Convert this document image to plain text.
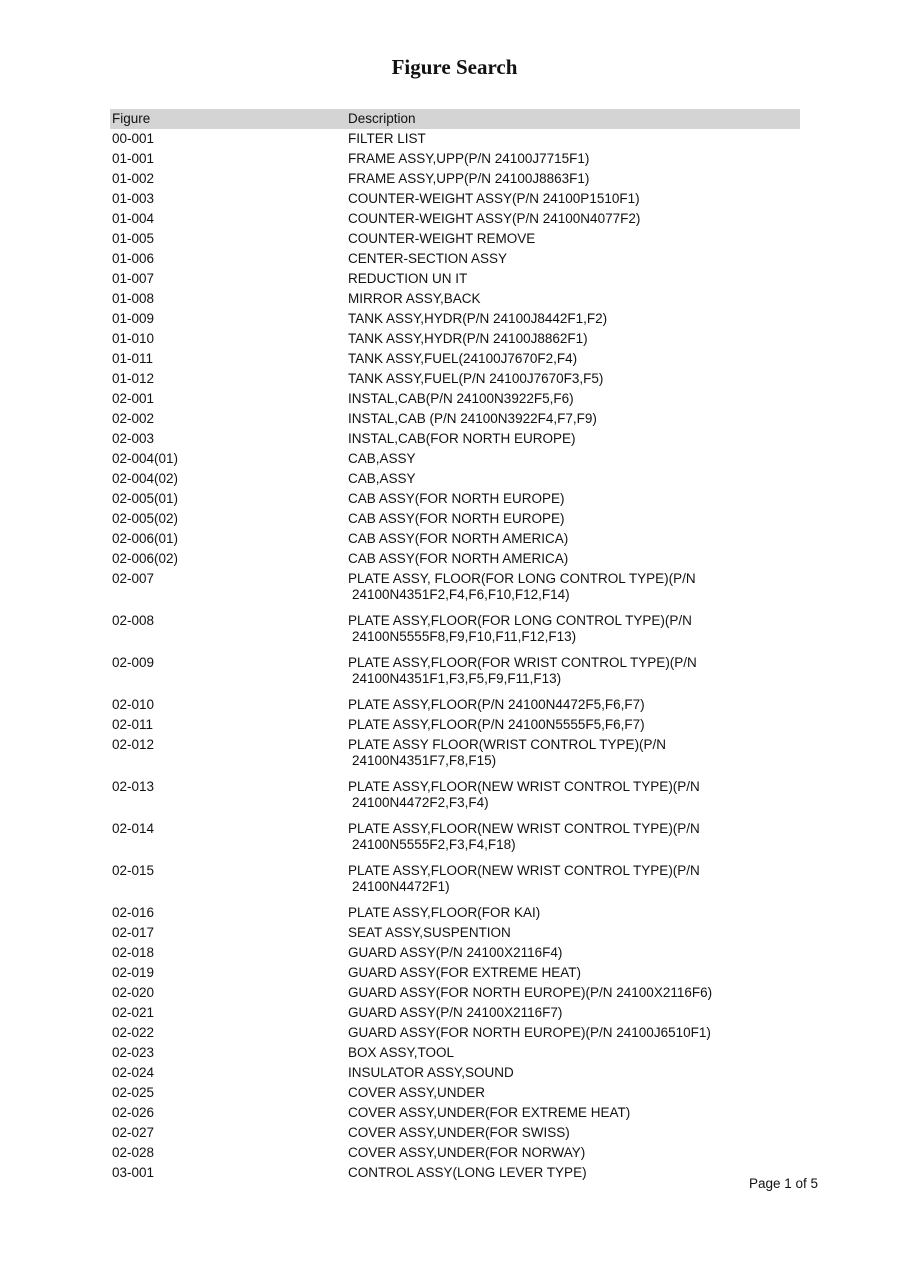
Figure Search
Figure	Description
00-001	FILTER LIST
01-001	FRAME ASSY,UPP(P/N 24100J7715F1)
01-002	FRAME ASSY,UPP(P/N 24100J8863F1)
01-003	COUNTER-WEIGHT ASSY(P/N 24100P1510F1)
01-004	COUNTER-WEIGHT ASSY(P/N 24100N4077F2)
01-005	COUNTER-WEIGHT REMOVE
01-006	CENTER-SECTION ASSY
01-007	REDUCTION UN IT
01-008	MIRROR ASSY,BACK
01-009	TANK ASSY,HYDR(P/N 24100J8442F1,F2)
01-010	TANK ASSY,HYDR(P/N 24100J8862F1)
01-011	TANK ASSY,FUEL(24100J7670F2,F4)
01-012	TANK ASSY,FUEL(P/N 24100J7670F3,F5)
02-001	INSTAL,CAB(P/N 24100N3922F5,F6)
02-002	INSTAL,CAB (P/N 24100N3922F4,F7,F9)
02-003	INSTAL,CAB(FOR NORTH EUROPE)
02-004(01)	CAB,ASSY
02-004(02)	CAB,ASSY
02-005(01)	CAB ASSY(FOR NORTH EUROPE)
02-005(02)	CAB ASSY(FOR NORTH EUROPE)
02-006(01)	CAB ASSY(FOR NORTH AMERICA)
02-006(02)	CAB ASSY(FOR NORTH AMERICA)
02-007	PLATE ASSY, FLOOR(FOR LONG CONTROL TYPE)(P/N
24100N4351F2,F4,F6,F10,F12,F14)
02-008	PLATE ASSY,FLOOR(FOR LONG CONTROL TYPE)(P/N
24100N5555F8,F9,F10,F11,F12,F13)
02-009	PLATE ASSY,FLOOR(FOR WRIST CONTROL TYPE)(P/N
24100N4351F1,F3,F5,F9,F11,F13)
02-010	PLATE ASSY,FLOOR(P/N 24100N4472F5,F6,F7)
02-011	PLATE ASSY,FLOOR(P/N 24100N5555F5,F6,F7)
02-012	PLATE ASSY FLOOR(WRIST CONTROL TYPE)(P/N
24100N4351F7,F8,F15)
02-013	PLATE ASSY,FLOOR(NEW WRIST CONTROL TYPE)(P/N
24100N4472F2,F3,F4)
02-014	PLATE ASSY,FLOOR(NEW WRIST CONTROL TYPE)(P/N
24100N5555F2,F3,F4,F18)
02-015	PLATE ASSY,FLOOR(NEW WRIST CONTROL TYPE)(P/N
24100N4472F1)
02-016	PLATE ASSY,FLOOR(FOR KAI)
02-017	SEAT ASSY,SUSPENTION
02-018	GUARD ASSY(P/N 24100X2116F4)
02-019	GUARD ASSY(FOR EXTREME HEAT)
02-020	GUARD ASSY(FOR NORTH EUROPE)(P/N 24100X2116F6)
02-021	GUARD ASSY(P/N 24100X2116F7)
02-022	GUARD ASSY(FOR NORTH EUROPE)(P/N 24100J6510F1)
02-023	BOX ASSY,TOOL
02-024	INSULATOR ASSY,SOUND
02-025	COVER ASSY,UNDER
02-026	COVER ASSY,UNDER(FOR EXTREME HEAT)
02-027	COVER ASSY,UNDER(FOR SWISS)
02-028	COVER ASSY,UNDER(FOR NORWAY)
03-001	CONTROL ASSY(LONG LEVER TYPE)
Page 1 of 5
